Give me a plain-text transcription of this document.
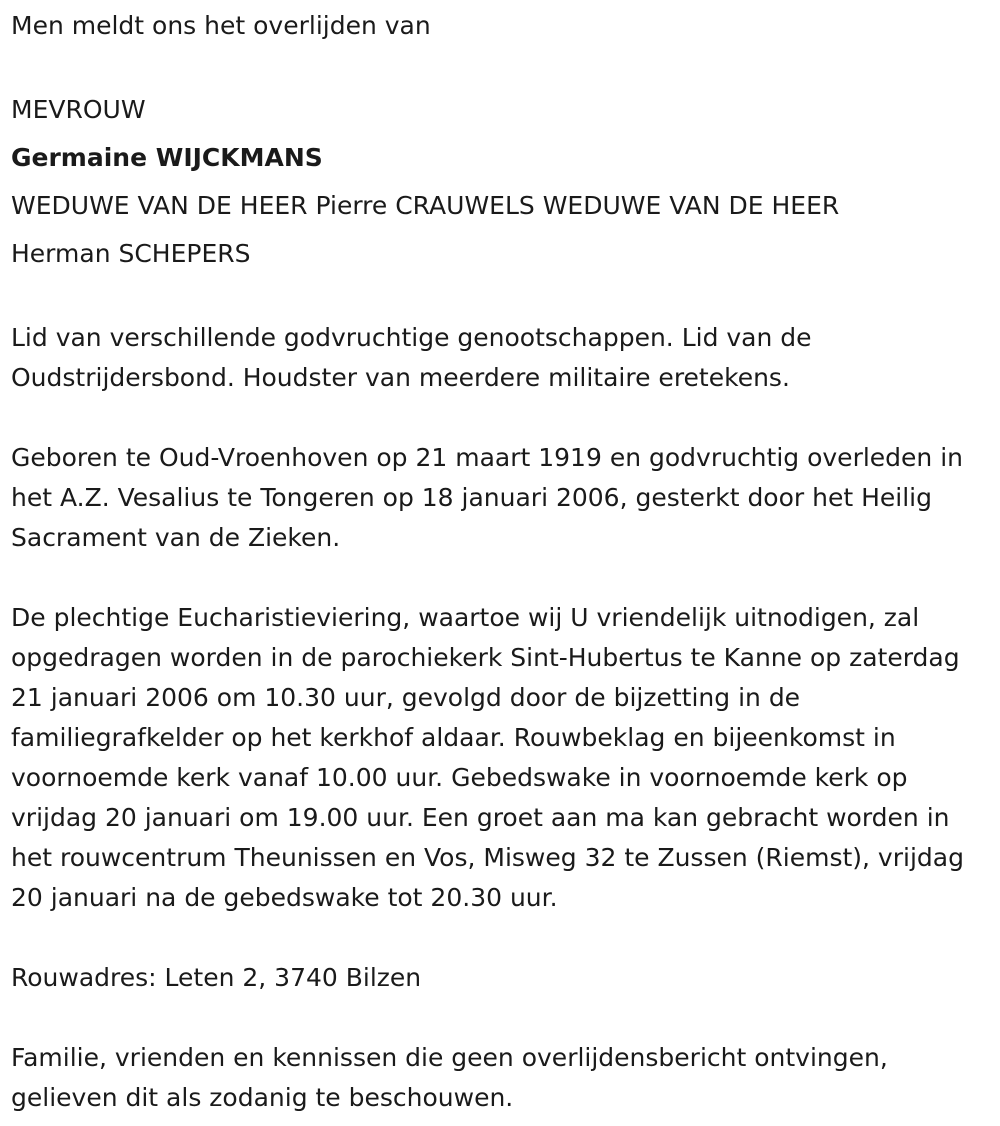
Men meldt ons het overlijden van

MEVROUW

Germaine WIJCKMANS

WEDUWE VAN DE HEER Pierre CRAUWELS WEDUWE VAN DE HEER

Herman SCHEPERS

Lid van verschillende godvruchtige genootschappen. Lid van de Oudstrijdersbond. Houdster van meerdere militaire eretekens.

Geboren te Oud-Vroenhoven op 21 maart 1919 en godvruchtig overleden in het A.Z. Vesalius te Tongeren op 18 januari 2006, gesterkt door het Heilig Sacrament van de Zieken.

De plechtige Eucharistieviering, waartoe wij U vriendelijk uitnodigen, zal opgedragen worden in de parochiekerk Sint-Hubertus te Kanne op zaterdag 21 januari 2006 om 10.30 uur, gevolgd door de bijzetting in de familiegrafkelder op het kerkhof aldaar. Rouwbeklag en bijeenkomst in voornoemde kerk vanaf 10.00 uur. Gebedswake in voornoemde kerk op vrijdag 20 januari om 19.00 uur. Een groet aan ma kan gebracht worden in het rouwcentrum Theunissen en Vos, Misweg 32 te Zussen (Riemst), vrijdag 20 januari na de gebedswake tot 20.30 uur.

Rouwadres: Leten 2, 3740 Bilzen

Familie, vrienden en kennissen die geen overlijdensbericht ontvingen, gelieven dit als zodanig te beschouwen.
